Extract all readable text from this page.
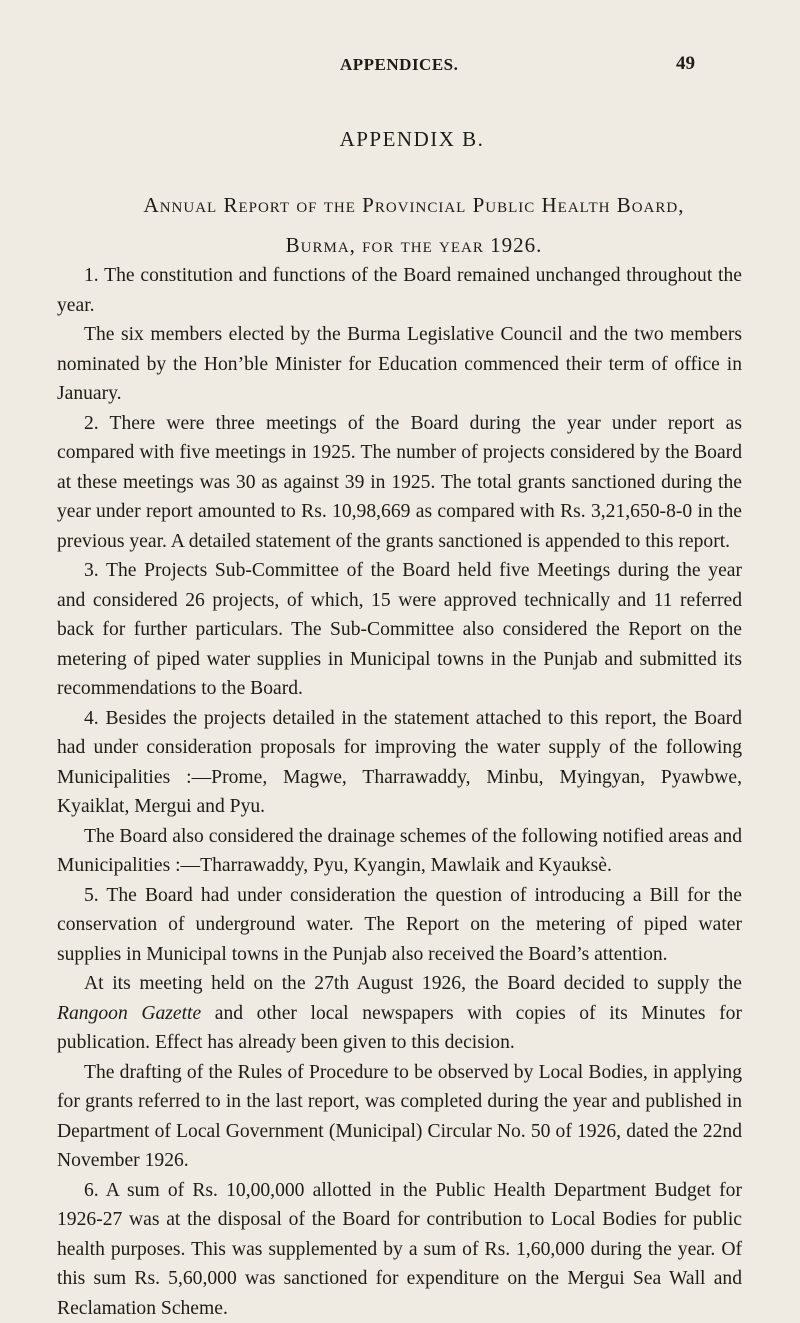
APPENDICES.	49
APPENDIX B.
Annual Report of the Provincial Public Health Board,
Burma, for the year 1926.

1. The constitution and functions of the Board remained unchanged throughout the year.

The six members elected by the Burma Legislative Council and the two members nominated by the Hon’ble Minister for Education commenced their term of office in January.

2. There were three meetings of the Board during the year under report as compared with five meetings in 1925. The number of projects considered by the Board at these meetings was 30 as against 39 in 1925. The total grants sanctioned during the year under report amounted to Rs. 10,98,669 as compared with Rs. 3,21,650-8-0 in the previous year. A detailed statement of the grants sanctioned is appended to this report.

3. The Projects Sub-Committee of the Board held five Meetings during the year and considered 26 projects, of which, 15 were approved technically and 11 referred back for further particulars. The Sub-Committee also considered the Report on the metering of piped water supplies in Municipal towns in the Punjab and submitted its recommendations to the Board.

4. Besides the projects detailed in the statement attached to this report, the Board had under consideration proposals for improving the water supply of the following Municipalities :—Prome, Magwe, Tharrawaddy, Minbu, Myingyan, Pyawbwe, Kyaiklat, Mergui and Pyu.

The Board also considered the drainage schemes of the following notified areas and Municipalities :—Tharrawaddy, Pyu, Kyangin, Mawlaik and Kyauksè.

5. The Board had under consideration the question of introducing a Bill for the conservation of underground water. The Report on the metering of piped water supplies in Municipal towns in the Punjab also received the Board’s attention.

At its meeting held on the 27th August 1926, the Board decided to supply the Rangoon Gazette and other local newspapers with copies of its Minutes for publication. Effect has already been given to this decision.

The drafting of the Rules of Procedure to be observed by Local Bodies, in applying for grants referred to in the last report, was completed during the year and published in Department of Local Government (Municipal) Circular No. 50 of 1926, dated the 22nd November 1926.

6. A sum of Rs. 10,00,000 allotted in the Public Health Department Budget for 1926-27 was at the disposal of the Board for contribution to Local Bodies for public health purposes. This was supplemented by a sum of Rs. 1,60,000 during the year. Of this sum Rs. 5,60,000 was sanctioned for expenditure on the Mergui Sea Wall and Reclamation Scheme.
